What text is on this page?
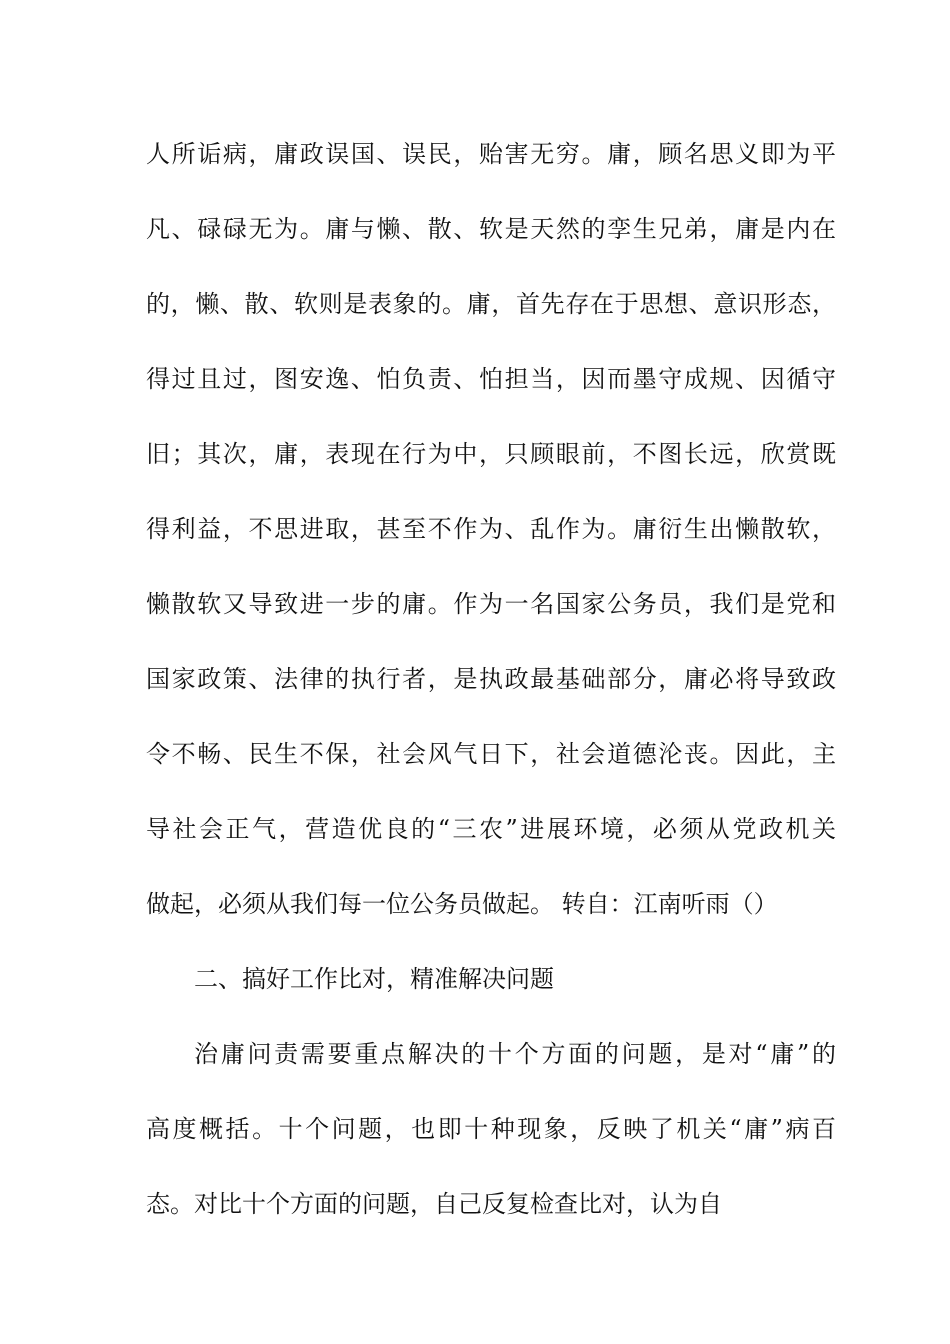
人所诟病，庸政误国、误民，贻害无穷。庸，顾名思义即为平
凡、碌碌无为。庸与懒、散、软是天然的孪生兄弟，庸是内在
的，懒、散、软则是表象的。庸，首先存在于思想、意识形态，
得过且过，图安逸、怕负责、怕担当，因而墨守成规、因循守
旧；其次，庸，表现在行为中，只顾眼前，不图长远，欣赏既
得利益，不思进取，甚至不作为、乱作为。庸衍生出懒散软，
懒散软又导致进一步的庸。作为一名国家公务员，我们是党和
国家政策、法律的执行者，是执政最基础部分，庸必将导致政
令不畅、民生不保，社会风气日下，社会道德沦丧。因此，主
导社会正气，营造优良的“三农”进展环境，必须从党政机关
做起，必须从我们每一位公务员做起。 转自：江南听雨（）
二、搞好工作比对，精准解决问题
治庸问责需要重点解决的十个方面的问题，是对“庸”的
高度概括。十个问题，也即十种现象，反映了机关“庸”病百
态。对比十个方面的问题，自己反复检查比对，认为自
